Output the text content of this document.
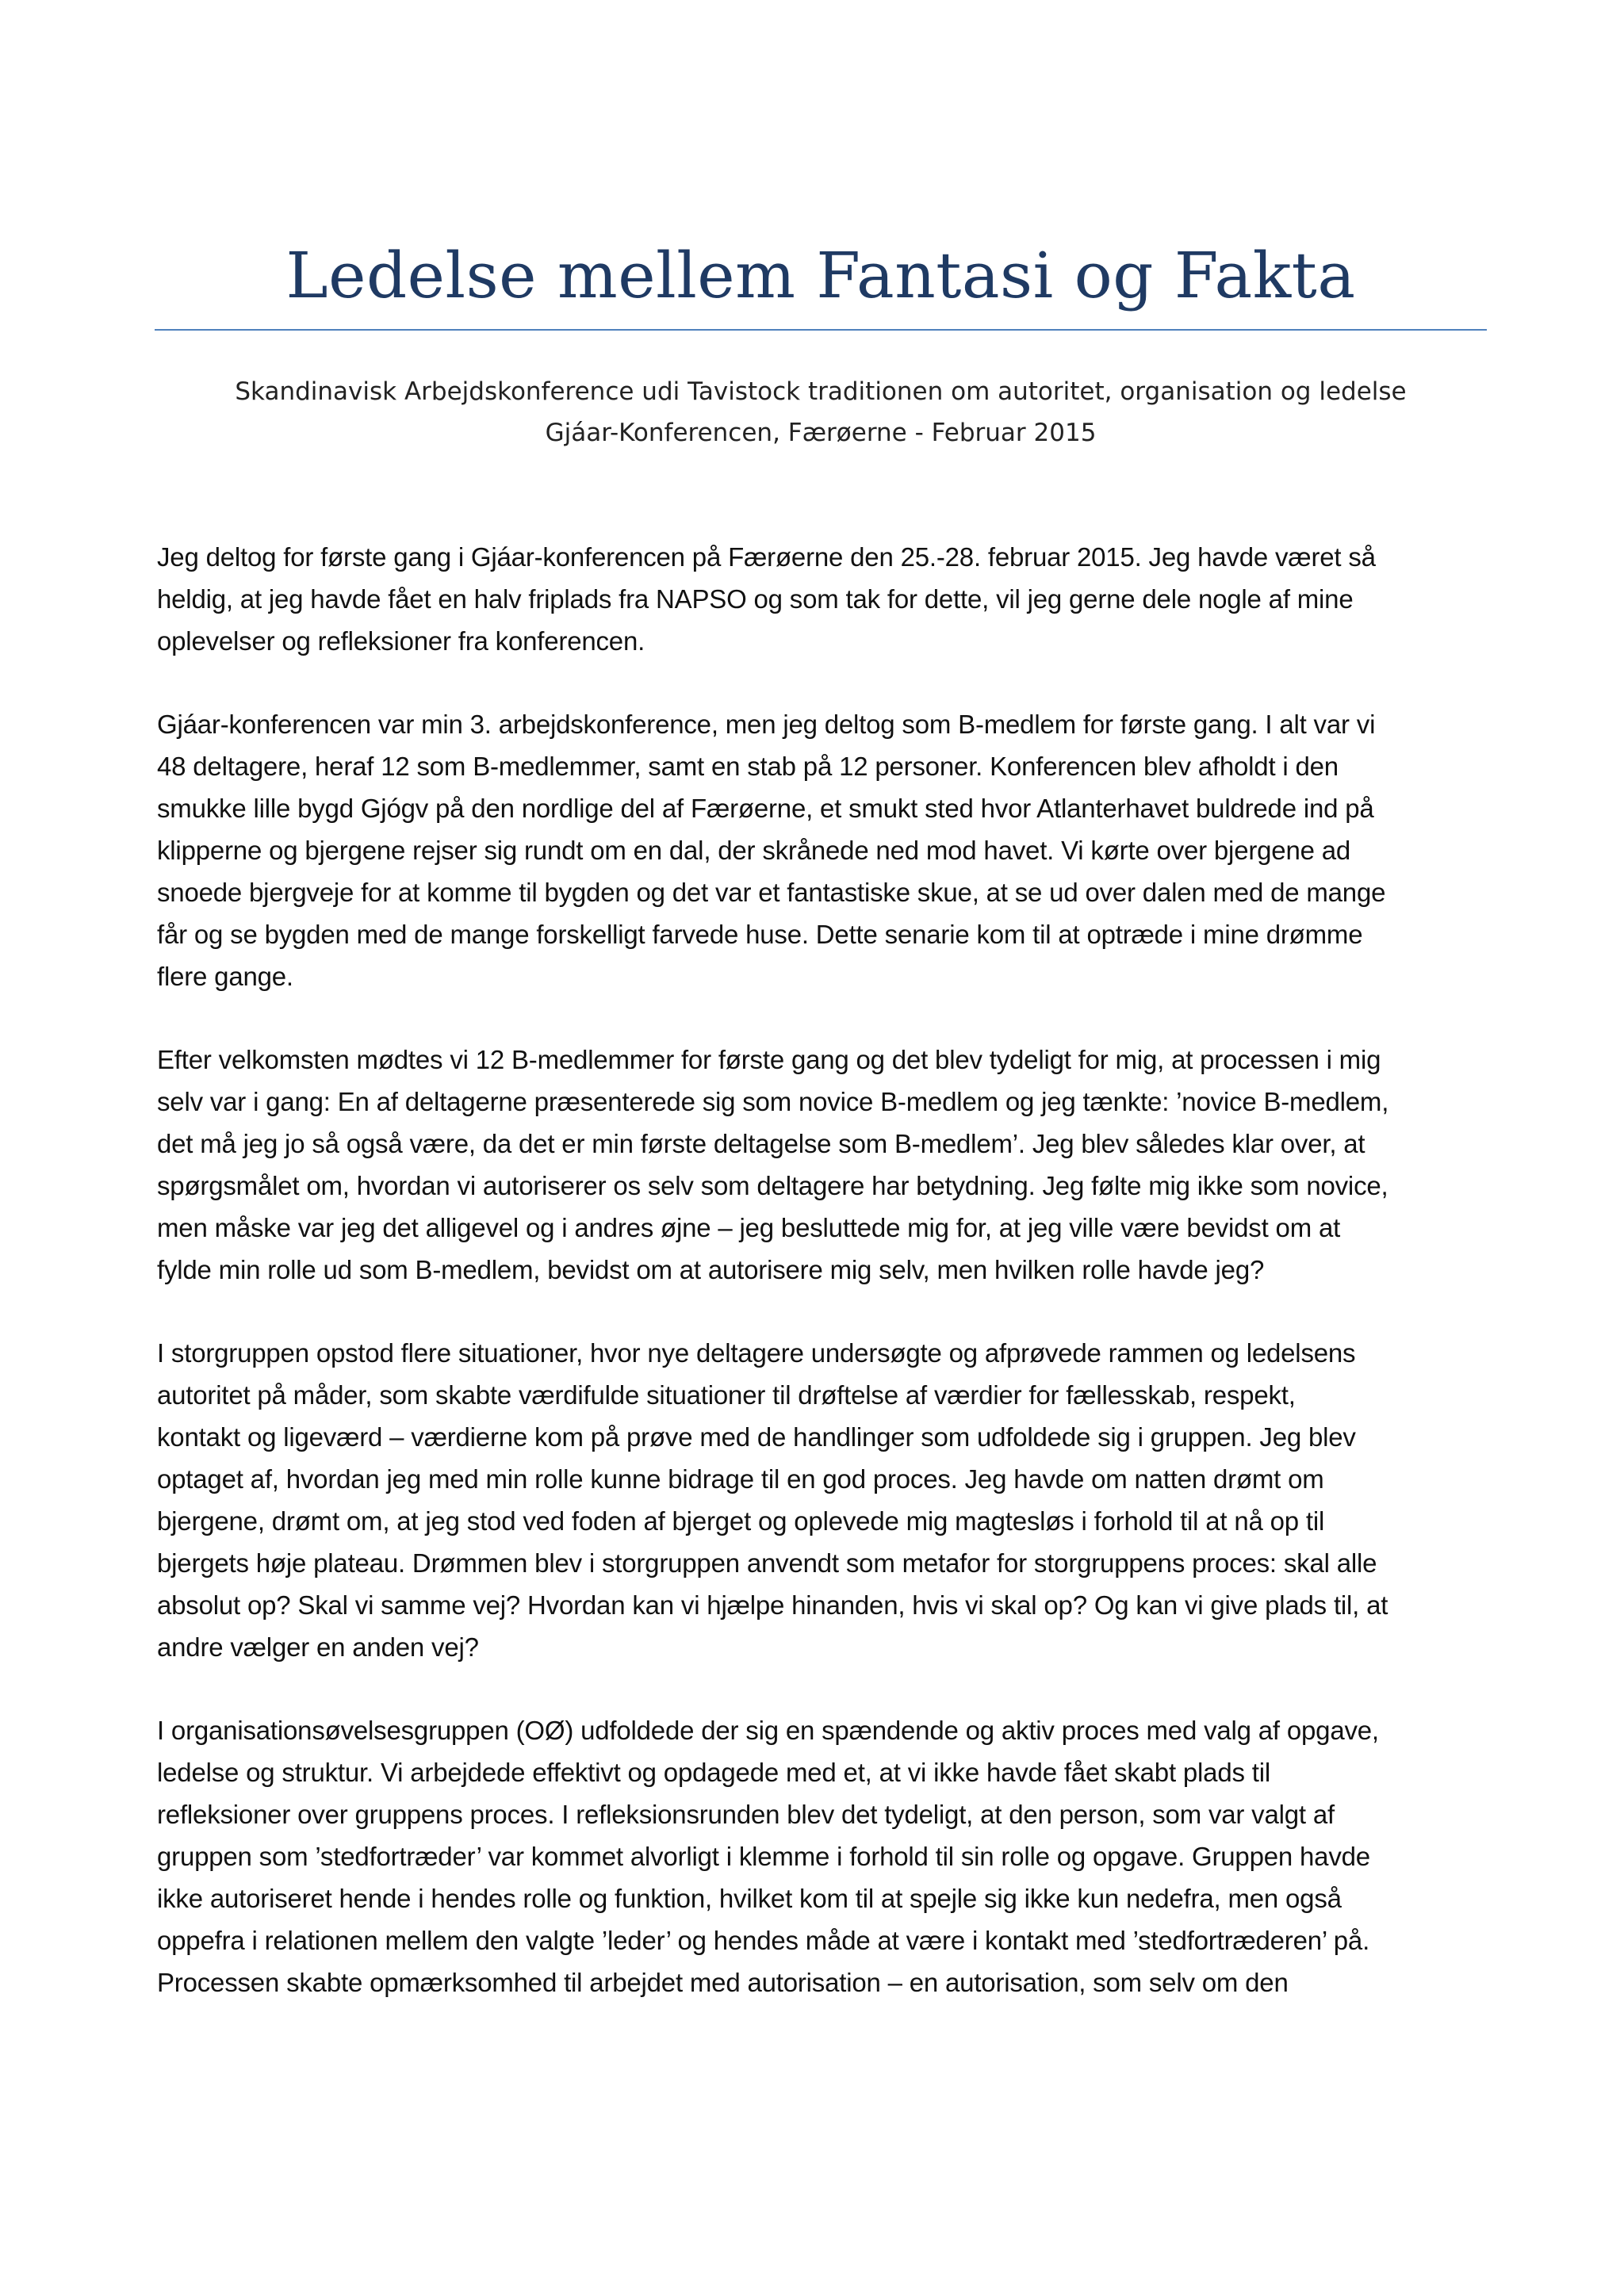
Ledelse mellem Fantasi og Fakta
Skandinavisk Arbejdskonference udi Tavistock traditionen om autoritet, organisation og ledelse
Gjáar-Konferencen, Færøerne - Februar 2015

Jeg deltog for første gang i Gjáar-konferencen på Færøerne den 25.-28. februar 2015. Jeg havde været så
heldig, at jeg havde fået en halv friplads fra NAPSO og som tak for dette, vil jeg gerne dele nogle af mine
oplevelser og refleksioner fra konferencen.

Gjáar-konferencen var min 3. arbejdskonference, men jeg deltog som B-medlem for første gang. I alt var vi
48 deltagere, heraf 12 som B-medlemmer, samt en stab på 12 personer. Konferencen blev afholdt i den
smukke lille bygd Gjógv på den nordlige del af Færøerne, et smukt sted hvor Atlanterhavet buldrede ind på
klipperne og bjergene rejser sig rundt om en dal, der skrånede ned mod havet. Vi kørte over bjergene ad
snoede bjergveje for at komme til bygden og det var et fantastiske skue, at se ud over dalen med de mange
får og se bygden med de mange forskelligt farvede huse. Dette senarie kom til at optræde i mine drømme
flere gange.

Efter velkomsten mødtes vi 12 B-medlemmer for første gang og det blev tydeligt for mig, at processen i mig
selv var i gang: En af deltagerne præsenterede sig som novice B-medlem og jeg tænkte: ’novice B-medlem,
det må jeg jo så også være, da det er min første deltagelse som B-medlem’. Jeg blev således klar over, at
spørgsmålet om, hvordan vi autoriserer os selv som deltagere har betydning. Jeg følte mig ikke som novice,
men måske var jeg det alligevel og i andres øjne – jeg besluttede mig for, at jeg ville være bevidst om at
fylde min rolle ud som B-medlem, bevidst om at autorisere mig selv, men hvilken rolle havde jeg?

I storgruppen opstod flere situationer, hvor nye deltagere undersøgte og afprøvede rammen og ledelsens
autoritet på måder, som skabte værdifulde situationer til drøftelse af værdier for fællesskab, respekt,
kontakt og ligeværd – værdierne kom på prøve med de handlinger som udfoldede sig i gruppen. Jeg blev
optaget af, hvordan jeg med min rolle kunne bidrage til en god proces. Jeg havde om natten drømt om
bjergene, drømt om, at jeg stod ved foden af bjerget og oplevede mig magtesløs i forhold til at nå op til
bjergets høje plateau. Drømmen blev i storgruppen anvendt som metafor for storgruppens proces: skal alle
absolut op? Skal vi samme vej? Hvordan kan vi hjælpe hinanden, hvis vi skal op? Og kan vi give plads til, at
andre vælger en anden vej?

I organisationsøvelsesgruppen (OØ) udfoldede der sig en spændende og aktiv proces med valg af opgave,
ledelse og struktur. Vi arbejdede effektivt og opdagede med et, at vi ikke havde fået skabt plads til
refleksioner over gruppens proces. I refleksionsrunden blev det tydeligt, at den person, som var valgt af
gruppen som ’stedfortræder’ var kommet alvorligt i klemme i forhold til sin rolle og opgave. Gruppen havde
ikke autoriseret hende i hendes rolle og funktion, hvilket kom til at spejle sig ikke kun nedefra, men også
oppefra i relationen mellem den valgte ’leder’ og hendes måde at være i kontakt med ’stedfortræderen’ på.
Processen skabte opmærksomhed til arbejdet med autorisation – en autorisation, som selv om den
